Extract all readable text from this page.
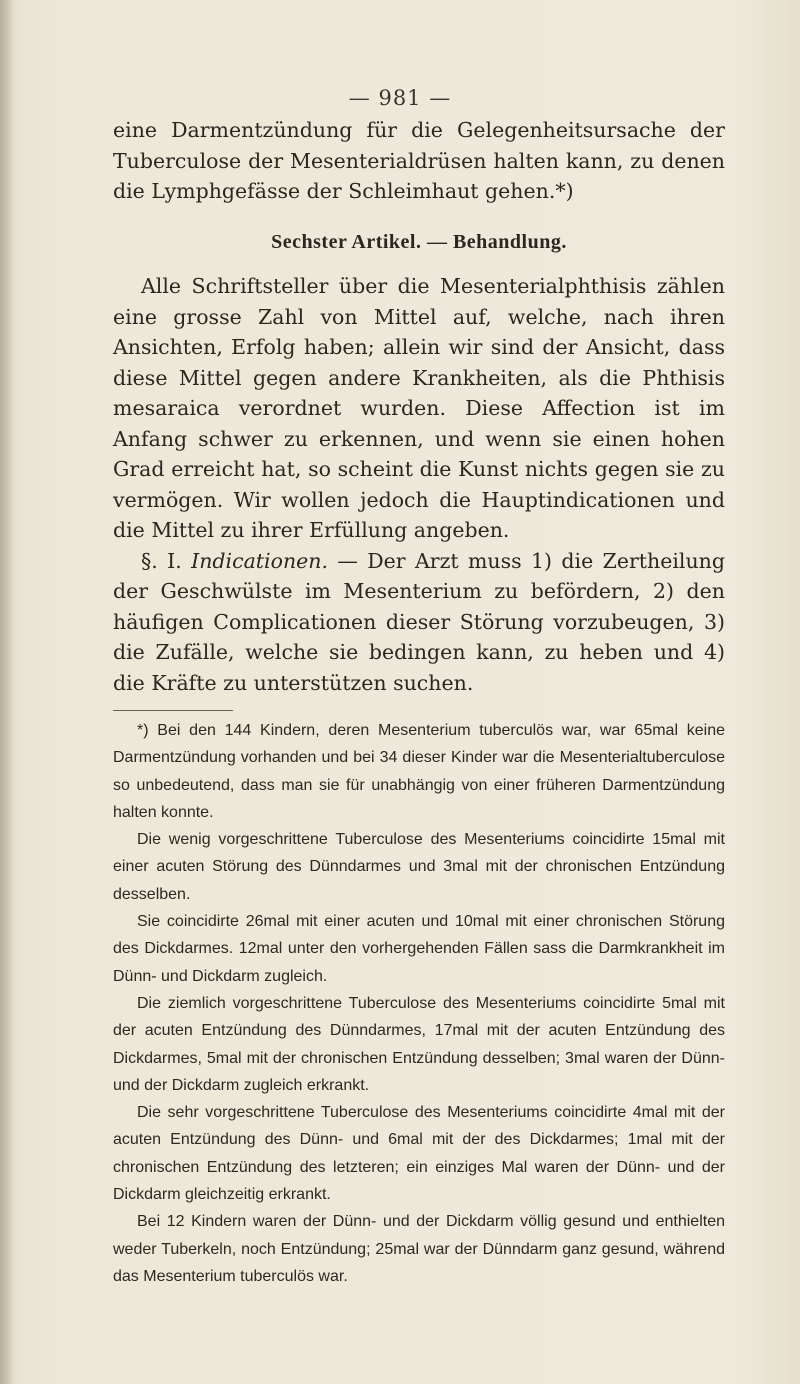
— 981 —

eine Darmentzündung für die Gelegenheitsursache der Tuberculose der Mesenterialdrüsen halten kann, zu denen die Lymphgefässe der Schleimhaut gehen.*)

Sechster Artikel. — Behandlung.

Alle Schriftsteller über die Mesenterialphthisis zählen eine grosse Zahl von Mittel auf, welche, nach ihren Ansichten, Erfolg haben; allein wir sind der Ansicht, dass diese Mittel gegen andere Krankheiten, als die Phthisis mesaraica verordnet wurden. Diese Affection ist im Anfang schwer zu erkennen, und wenn sie einen hohen Grad erreicht hat, so scheint die Kunst nichts gegen sie zu vermögen. Wir wollen jedoch die Hauptindicationen und die Mittel zu ihrer Erfüllung angeben.

§. I. Indicationen. — Der Arzt muss 1) die Zertheilung der Geschwülste im Mesenterium zu befördern, 2) den häufigen Complicationen dieser Störung vorzubeugen, 3) die Zufälle, welche sie bedingen kann, zu heben und 4) die Kräfte zu unterstützen suchen.

*) Bei den 144 Kindern, deren Mesenterium tuberculös war, war 65mal keine Darmentzündung vorhanden und bei 34 dieser Kinder war die Mesenterialtuberculose so unbedeutend, dass man sie für unabhängig von einer früheren Darmentzündung halten konnte.

Die wenig vorgeschrittene Tuberculose des Mesenteriums coincidirte 15mal mit einer acuten Störung des Dünndarmes und 3mal mit der chronischen Entzündung desselben.

Sie coincidirte 26mal mit einer acuten und 10mal mit einer chronischen Störung des Dickdarmes. 12mal unter den vorhergehenden Fällen sass die Darmkrankheit im Dünn- und Dickdarm zugleich.

Die ziemlich vorgeschrittene Tuberculose des Mesenteriums coincidirte 5mal mit der acuten Entzündung des Dünndarmes, 17mal mit der acuten Entzündung des Dickdarmes, 5mal mit der chronischen Entzündung desselben; 3mal waren der Dünn- und der Dickdarm zugleich erkrankt.

Die sehr vorgeschrittene Tuberculose des Mesenteriums coincidirte 4mal mit der acuten Entzündung des Dünn- und 6mal mit der des Dickdarmes; 1mal mit der chronischen Entzündung des letzteren; ein einziges Mal waren der Dünn- und der Dickdarm gleichzeitig erkrankt.

Bei 12 Kindern waren der Dünn- und der Dickdarm völlig gesund und enthielten weder Tuberkeln, noch Entzündung; 25mal war der Dünndarm ganz gesund, während das Mesenterium tuberculös war.
